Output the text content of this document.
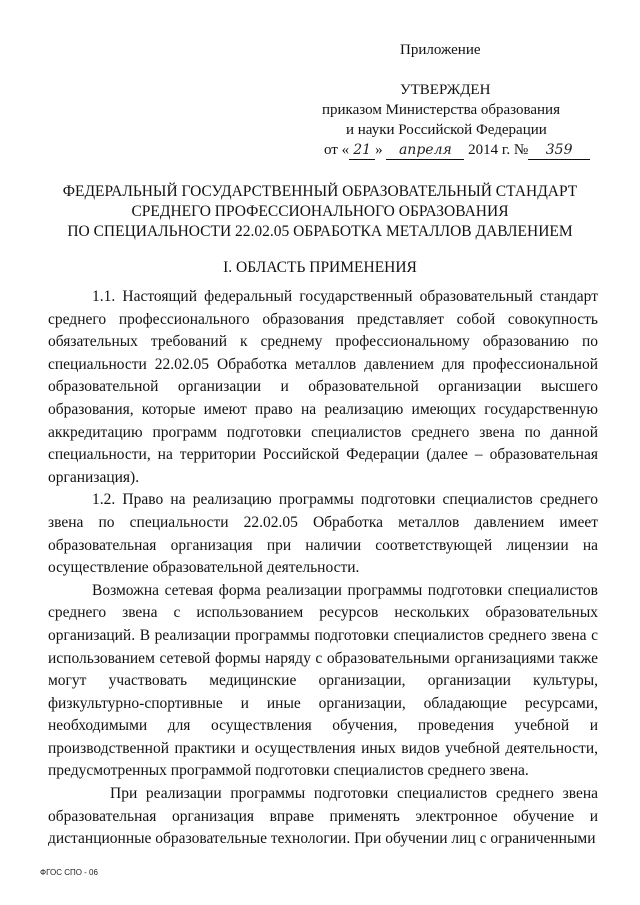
Приложение
УТВЕРЖДЕН
приказом Министерства образования
и науки Российской Федерации
от « 21 » апреля 2014 г. № 359
ФЕДЕРАЛЬНЫЙ ГОСУДАРСТВЕННЫЙ ОБРАЗОВАТЕЛЬНЫЙ СТАНДАРТ
СРЕДНЕГО ПРОФЕССИОНАЛЬНОГО ОБРАЗОВАНИЯ
ПО СПЕЦИАЛЬНОСТИ 22.02.05 ОБРАБОТКА МЕТАЛЛОВ ДАВЛЕНИЕМ
I. ОБЛАСТЬ ПРИМЕНЕНИЯ

1.1. Настоящий федеральный государственный образовательный стандарт среднего профессионального образования представляет собой совокупность обязательных требований к среднему профессиональному образованию по специальности 22.02.05 Обработка металлов давлением для профессиональной образовательной организации и образовательной организации высшего образования, которые имеют право на реализацию имеющих государственную аккредитацию программ подготовки специалистов среднего звена по данной специальности, на территории Российской Федерации (далее – образовательная организация).

1.2. Право на реализацию программы подготовки специалистов среднего звена по специальности 22.02.05 Обработка металлов давлением имеет образовательная организация при наличии соответствующей лицензии на осуществление образовательной деятельности.

Возможна сетевая форма реализации программы подготовки специалистов среднего звена с использованием ресурсов нескольких образовательных организаций. В реализации программы подготовки специалистов среднего звена с использованием сетевой формы наряду с образовательными организациями также могут участвовать медицинские организации, организации культуры, физкультурно-спортивные и иные организации, обладающие ресурсами, необходимыми для осуществления обучения, проведения учебной и производственной практики и осуществления иных видов учебной деятельности, предусмотренных программой подготовки специалистов среднего звена.

При реализации программы подготовки специалистов среднего звена образовательная организация вправе применять электронное обучение и дистанционные образовательные технологии. При обучении лиц с ограниченными

ФГОС СПО - 06
